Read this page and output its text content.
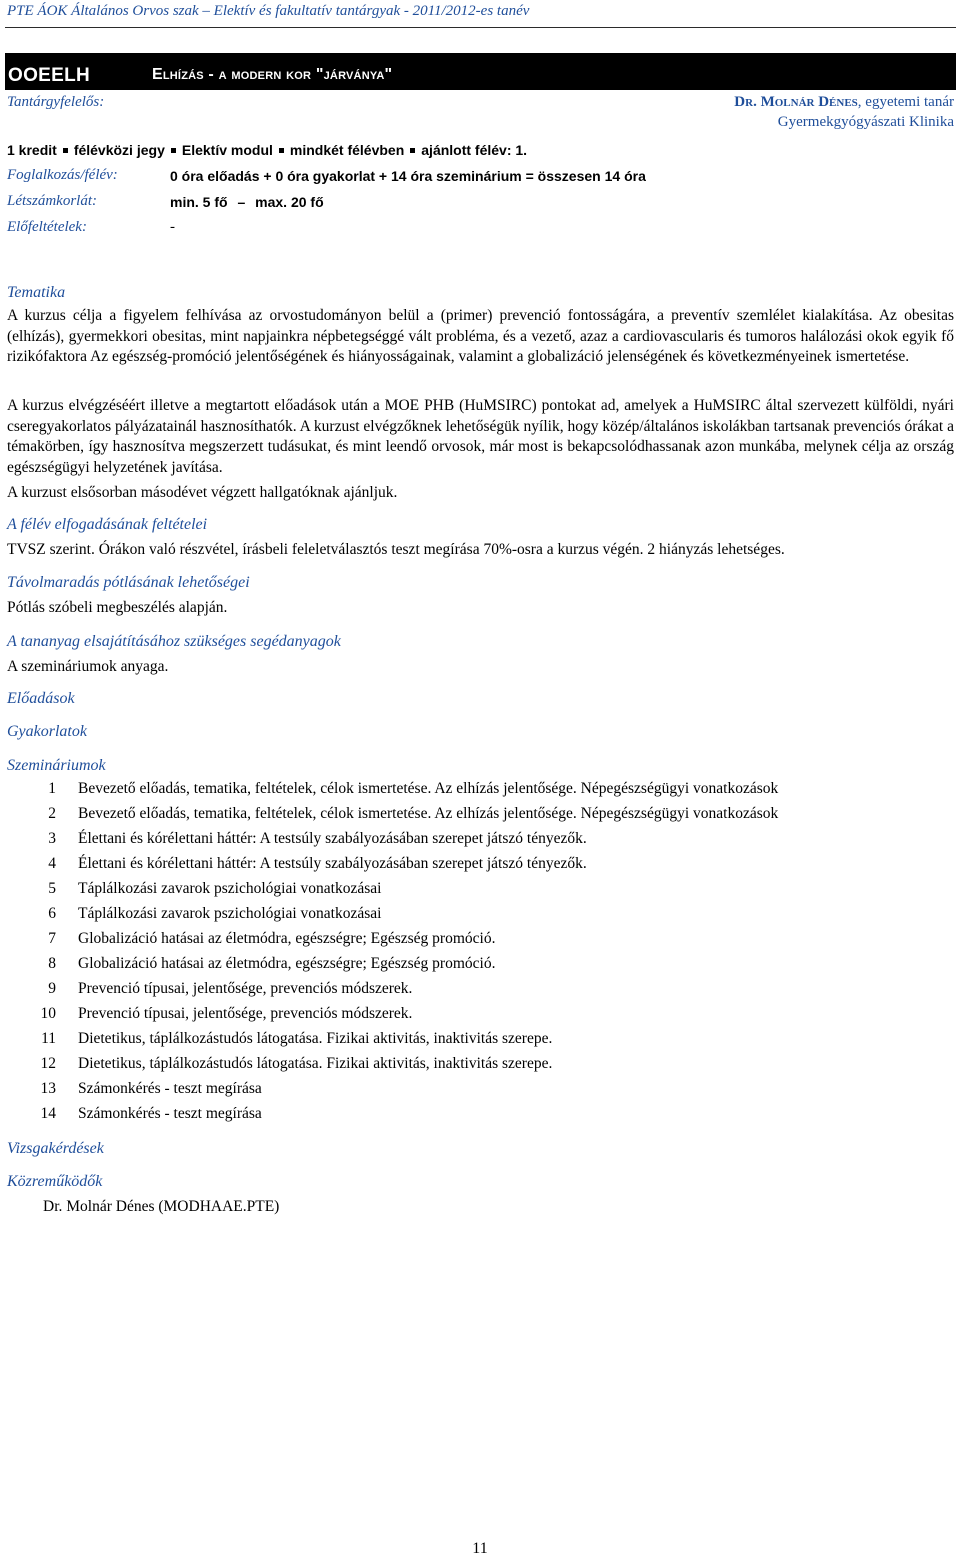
PTE ÁOK Általános Orvos szak – Elektív és fakultatív tantárgyak - 2011/2012-es tanév
OOEELH	Elhízás - a modern kor "járványa"
Tantárgyfelelős:	Dr. Molnár Dénes, egyetemi tanár
Gyermekgyógyászati Klinika
1 kredit félévközi jegy Elektív modul mindkét félévben ajánlott félév: 1.
Foglalkozás/félév:	0 óra előadás + 0 óra gyakorlat + 14 óra szeminárium = összesen 14 óra
Létszámkorlát:	min. 5 fő – max. 20 fő
Előfeltételek:	-
Tematika
A kurzus célja a figyelem felhívása az orvostudományon belül a (primer) prevenció fontosságára, a preventív szemlélet kialakítása. Az obesitas (elhízás), gyermekkori obesitas, mint napjainkra népbetegséggé vált probléma, és a vezető, azaz a cardiovascularis és tumoros halálozási okok egyik fő rizikófaktora Az egészség-promóció jelentőségének és hiányosságainak, valamint a globalizáció jelenségének és következményeinek ismertetése.
A kurzus elvégzéséért illetve a megtartott előadások után a MOE PHB (HuMSIRC) pontokat ad, amelyek a HuMSIRC által szervezett külföldi, nyári cseregyakorlatos pályázatainál hasznosíthatók. A kurzust elvégzőknek lehetőségük nyílik, hogy közép/általános iskolákban tartsanak prevenciós órákat a témakörben, így hasznosítva megszerzett tudásukat, és mint leendő orvosok, már most is bekapcsolódhassanak azon munkába, melynek célja az ország egészségügyi helyzetének javítása.
A kurzust elsősorban másodévet végzett hallgatóknak ajánljuk.
A félév elfogadásának feltételei
TVSZ szerint. Órákon való részvétel, írásbeli feleletválasztós teszt megírása 70%-osra a kurzus végén. 2 hiányzás lehetséges.
Távolmaradás pótlásának lehetőségei
Pótlás szóbeli megbeszélés alapján.
A tananyag elsajátításához szükséges segédanyagok
A szemináriumok anyaga.
Előadások
Gyakorlatok
Szemináriumok
1 Bevezető előadás, tematika, feltételek, célok ismertetése. Az elhízás jelentősége. Népegészségügyi vonatkozások
2 Bevezető előadás, tematika, feltételek, célok ismertetése. Az elhízás jelentősége. Népegészségügyi vonatkozások
3 Élettani és kórélettani háttér: A testsúly szabályozásában szerepet játszó tényezők.
4 Élettani és kórélettani háttér: A testsúly szabályozásában szerepet játszó tényezők.
5 Táplálkozási zavarok pszichológiai vonatkozásai
6 Táplálkozási zavarok pszichológiai vonatkozásai
7 Globalizáció hatásai az életmódra, egészségre; Egészség promóció.
8 Globalizáció hatásai az életmódra, egészségre; Egészség promóció.
9 Prevenció típusai, jelentősége, prevenciós módszerek.
10 Prevenció típusai, jelentősége, prevenciós módszerek.
11 Dietetikus, táplálkozástudós látogatása. Fizikai aktivitás, inaktivitás szerepe.
12 Dietetikus, táplálkozástudós látogatása. Fizikai aktivitás, inaktivitás szerepe.
13 Számonkérés - teszt megírása
14 Számonkérés - teszt megírása
Vizsgakérdések
Közreműködők
Dr. Molnár Dénes (MODHAAE.PTE)
11
